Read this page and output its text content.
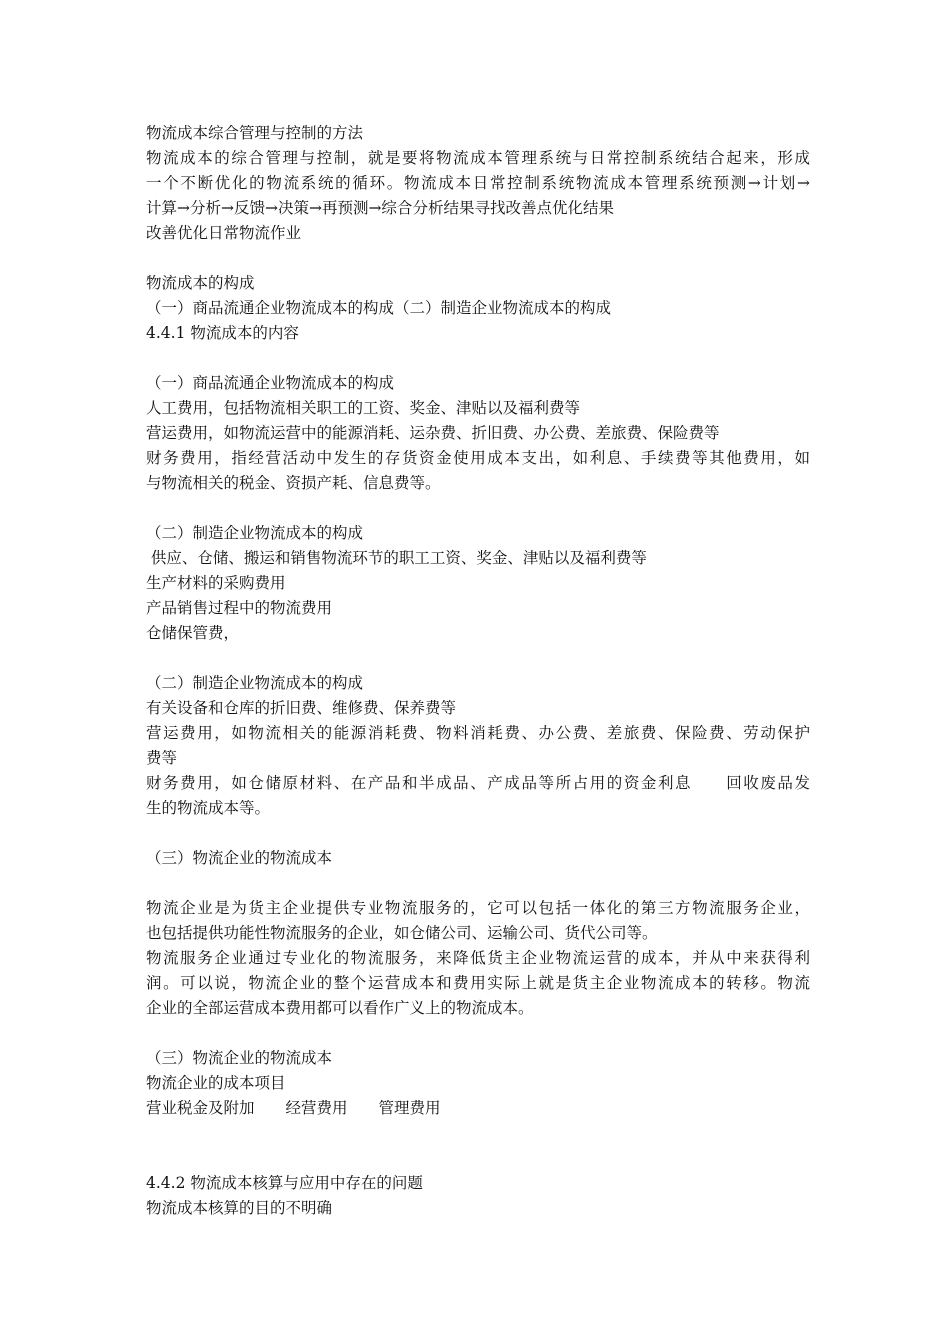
物流成本综合管理与控制的方法
物流成本的综合管理与控制，就是要将物流成本管理系统与日常控制系统结合起来，形成
一个不断优化的物流系统的循环。物流成本日常控制系统物流成本管理系统预测→计划→
计算→分析→反馈→决策→再预测→综合分析结果寻找改善点优化结果
改善优化日常物流作业
物流成本的构成
（一）商品流通企业物流成本的构成（二）制造企业物流成本的构成
4.4.1 物流成本的内容
（一）商品流通企业物流成本的构成
人工费用，包括物流相关职工的工资、奖金、津贴以及福利费等
营运费用，如物流运营中的能源消耗、运杂费、折旧费、办公费、差旅费、保险费等
财务费用，指经营活动中发生的存货资金使用成本支出，如利息、手续费等其他费用，如
与物流相关的税金、资损产耗、信息费等。
（二）制造企业物流成本的构成
供应、仓储、搬运和销售物流环节的职工工资、奖金、津贴以及福利费等
生产材料的采购费用
产品销售过程中的物流费用
仓储保管费，
（二）制造企业物流成本的构成
有关设备和仓库的折旧费、维修费、保养费等
营运费用，如物流相关的能源消耗费、物料消耗费、办公费、差旅费、保险费、劳动保护
费等
财务费用，如仓储原材料、在产品和半成品、产成品等所占用的资金利息　　回收废品发
生的物流成本等。
（三）物流企业的物流成本
物流企业是为货主企业提供专业物流服务的，它可以包括一体化的第三方物流服务企业，
也包括提供功能性物流服务的企业，如仓储公司、运输公司、货代公司等。
物流服务企业通过专业化的物流服务，来降低货主企业物流运营的成本，并从中来获得利
润。可以说，物流企业的整个运营成本和费用实际上就是货主企业物流成本的转移。物流
企业的全部运营成本费用都可以看作广义上的物流成本。
（三）物流企业的物流成本
物流企业的成本项目
营业税金及附加　　经营费用　　管理费用
4.4.2 物流成本核算与应用中存在的问题
物流成本核算的目的不明确
